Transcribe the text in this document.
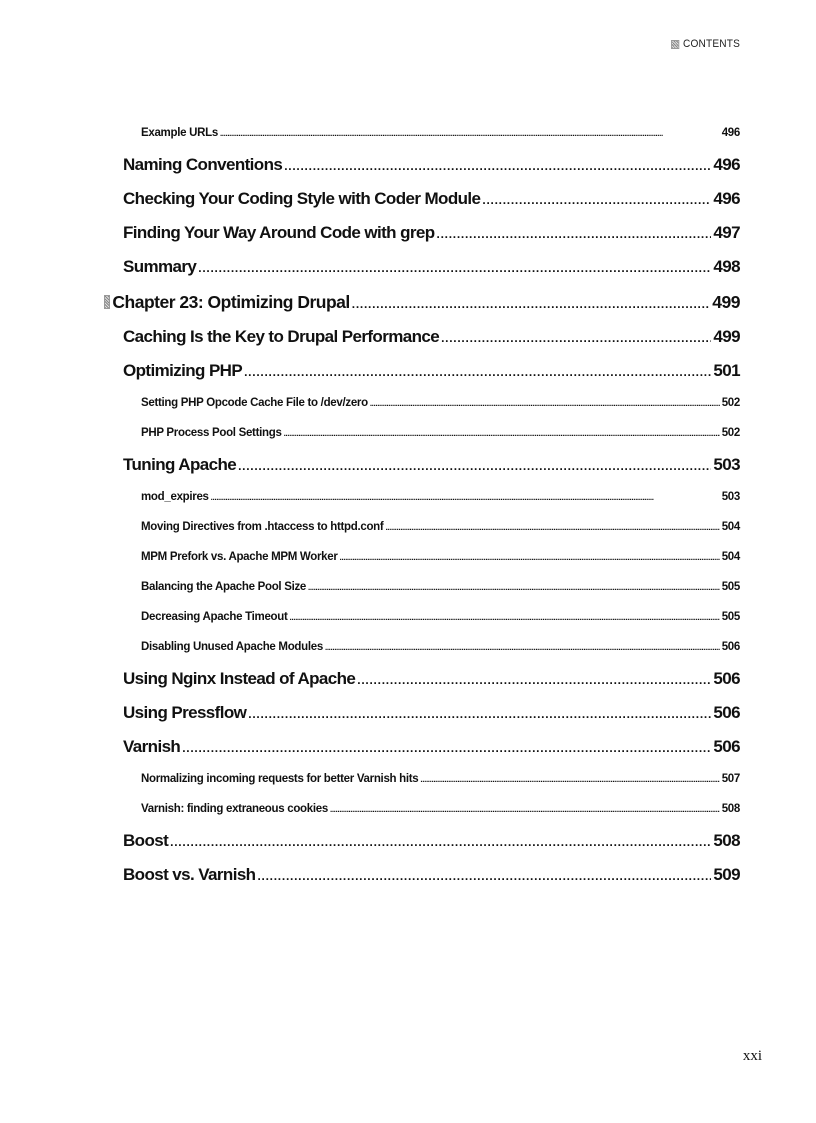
CONTENTS
Example URLs . . .	496
Naming Conventions . . .	496
Checking Your Coding Style with Coder Module . . .	496
Finding Your Way Around Code with grep . . .	497
Summary . . .	498
Chapter 23: Optimizing Drupal . . .	499
Caching Is the Key to Drupal Performance . . .	499
Optimizing PHP . . .	501
Setting PHP Opcode Cache File to /dev/zero . . .	502
PHP Process Pool Settings . . .	502
Tuning Apache . . .	503
mod_expires . . .	503
Moving Directives from .htaccess to httpd.conf . . .	504
MPM Prefork vs. Apache MPM Worker . . .	504
Balancing the Apache Pool Size . . .	505
Decreasing Apache Timeout . . .	505
Disabling Unused Apache Modules . . .	506
Using Nginx Instead of Apache . . .	506
Using Pressflow . . .	506
Varnish . . .	506
Normalizing incoming requests for better Varnish hits . . .	507
Varnish: finding extraneous cookies . . .	508
Boost . . .	508
Boost vs. Varnish . . .	509
xxi
